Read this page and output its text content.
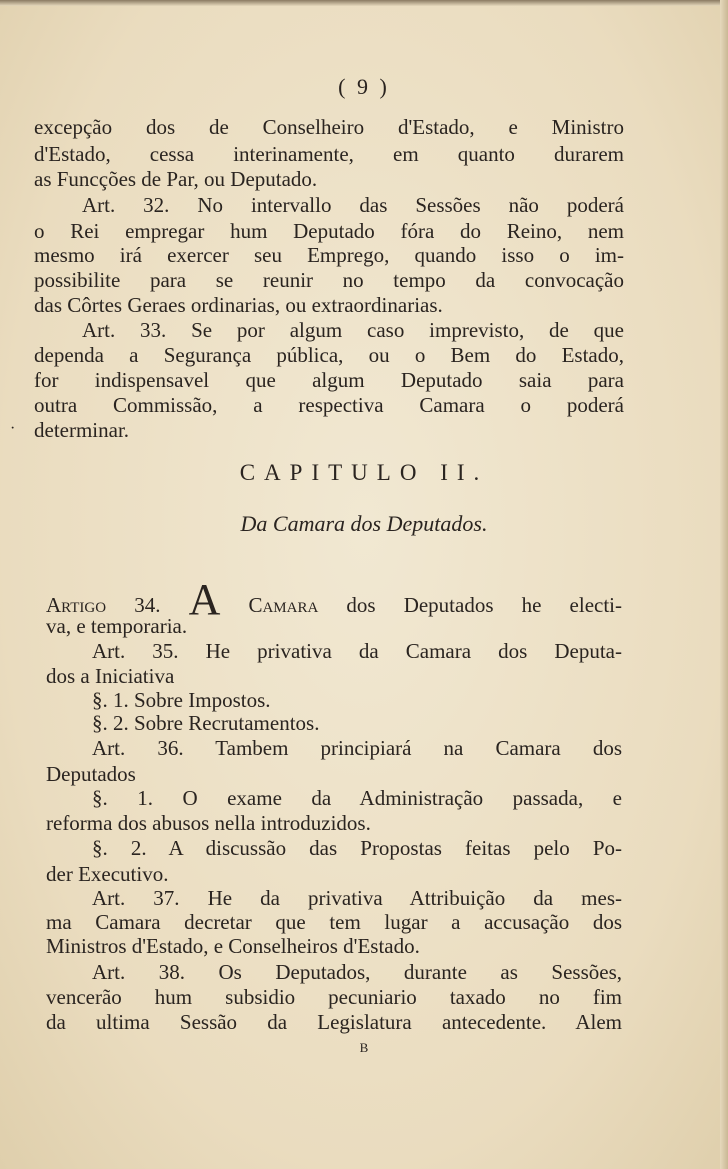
( 9 )
excepção dos de Conselheiro d'Estado, e Ministro
d'Estado, cessa interinamente, em quanto durarem
as Funcções de Par, ou Deputado.
Art. 32. No intervallo das Sessões não poderá
o Rei empregar hum Deputado fóra do Reino, nem
mesmo irá exercer seu Emprego, quando isso o im-
possibilite para se reunir no tempo da convocação
das Côrtes Geraes ordinarias, ou extraordinarias.
Art. 33. Se por algum caso imprevisto, de que
dependa a Segurança pública, ou o Bem do Estado,
for indispensavel que algum Deputado saia para
outra Commissão, a respectiva Camara o poderá
determinar.
·
CAPITULO II.
Da Camara dos Deputados.
Artigo 34. A Camara dos Deputados he electi-
va, e temporaria.
Art. 35. He privativa da Camara dos Deputa-
dos a Iniciativa
§. 1. Sobre Impostos.
§. 2. Sobre Recrutamentos.
Art. 36. Tambem principiará na Camara dos
Deputados
§. 1. O exame da Administração passada, e
reforma dos abusos nella introduzidos.
§. 2. A discussão das Propostas feitas pelo Po-
der Executivo.
Art. 37. He da privativa Attribuição da mes-
ma Camara decretar que tem lugar a accusação dos
Ministros d'Estado, e Conselheiros d'Estado.
Art. 38. Os Deputados, durante as Sessões,
vencerão hum subsidio pecuniario taxado no fim
da ultima Sessão da Legislatura antecedente. Alem
B
